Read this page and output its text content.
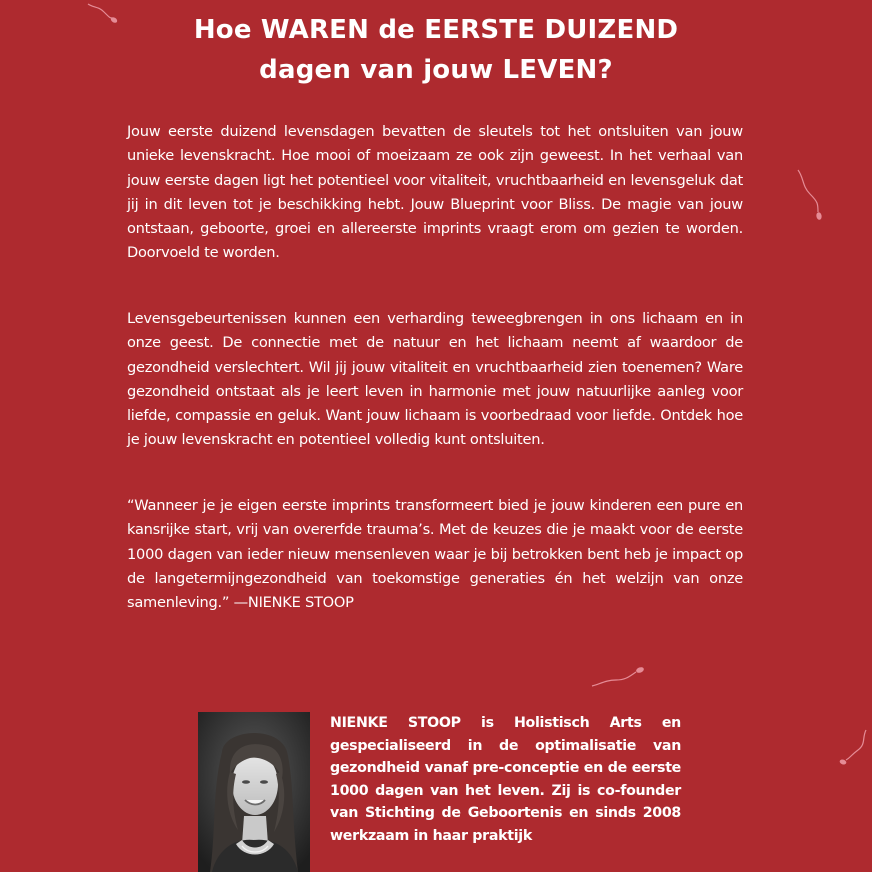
Hoe WAREN de EERSTE DUIZEND
dagen van jouw LEVEN?

Jouw eerste duizend levensdagen bevatten de sleutels tot het ontsluiten van jouw unieke levenskracht. Hoe mooi of moeizaam ze ook zijn geweest. In het verhaal van jouw eerste dagen ligt het potentieel voor vitaliteit, vruchtbaarheid en levensgeluk dat jij in dit leven tot je beschikking hebt. Jouw Blueprint voor Bliss. De magie van jouw ontstaan, geboorte, groei en allereerste imprints vraagt erom om gezien te worden. Doorvoeld te worden.

Levensgebeurtenissen kunnen een verharding teweegbrengen in ons lichaam en in onze geest. De connectie met de natuur en het lichaam neemt af waardoor de gezondheid verslechtert. Wil jij jouw vitaliteit en vruchtbaarheid zien toenemen? Ware gezondheid ontstaat als je leert leven in harmonie met jouw natuurlijke aanleg voor liefde, compassie en geluk. Want jouw lichaam is voorbedraad voor liefde. Ontdek hoe je jouw levenskracht en potentieel volledig kunt ontsluiten.

“Wanneer je je eigen eerste imprints transformeert bied je jouw kinderen een pure en kansrijke start, vrij van overerfde trauma’s. Met de keuzes die je maakt voor de eerste 1000 dagen van ieder nieuw mensenleven waar je bij betrokken bent heb je impact op de langetermijngezondheid van toekomstige generaties én het welzijn van onze samenleving.” —NIENKE STOOP

NIENKE STOOP is Holistisch Arts en gespecialiseerd in de optimalisatie van gezondheid vanaf pre-conceptie en de eerste 1000 dagen van het leven. Zij is co-founder van Stichting de Geboortenis en sinds 2008 werkzaam in haar praktijk
